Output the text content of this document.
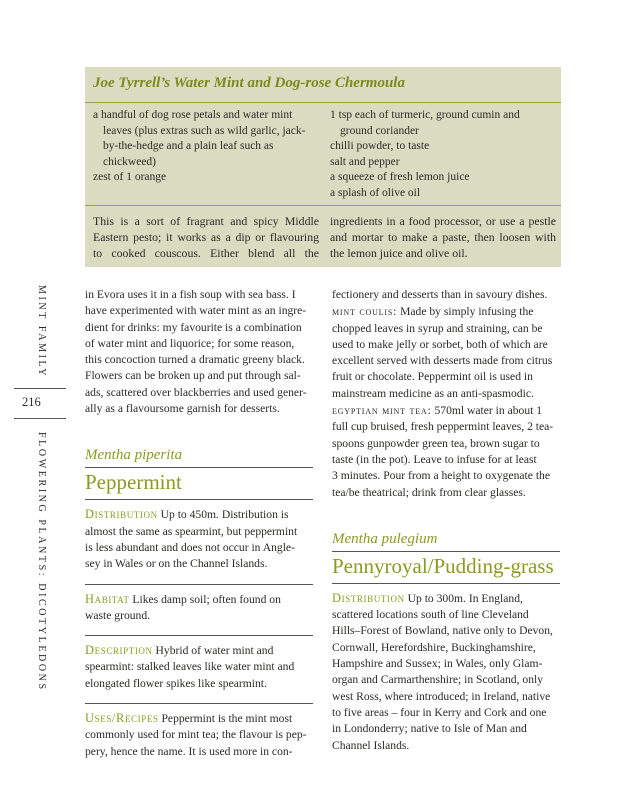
Joe Tyrrell’s Water Mint and Dog-rose Chermoula
a handful of dog rose petals and water mint
leaves (plus extras such as wild garlic, jack-
by-the-hedge and a plain leaf such as
chickweed)
zest of 1 orange
1 tsp each of turmeric, ground cumin and
ground coriander
chilli powder, to taste
salt and pepper
a squeeze of fresh lemon juice
a splash of olive oil
This is a sort of fragrant and spicy Middle
Eastern pesto; it works as a dip or flavouring
to cooked couscous. Either blend all the
ingredients in a food processor, or use a pestle
and mortar to make a paste, then loosen with
the lemon juice and olive oil.
MINT FAMILY
216
FLOWERING PLANTS: DICOTYLEDONS
in Evora uses it in a fish soup with sea bass. I
have experimented with water mint as an ingre-
dient for drinks: my favourite is a combination
of water mint and liquorice; for some reason,
this concoction turned a dramatic greeny black.
Flowers can be broken up and put through sal-
ads, scattered over blackberries and used gener-
ally as a flavoursome garnish for desserts.
Mentha piperita
Peppermint
Distribution Up to 450m. Distribution is
almost the same as spearmint, but peppermint
is less abundant and does not occur in Angle-
sey in Wales or on the Channel Islands.
Habitat Likes damp soil; often found on
waste ground.
Description Hybrid of water mint and
spearmint: stalked leaves like water mint and
elongated flower spikes like spearmint.
Uses/Recipes Peppermint is the mint most
commonly used for mint tea; the flavour is pep-
pery, hence the name. It is used more in con-
fectionery and desserts than in savoury dishes.
mint coulis: Made by simply infusing the
chopped leaves in syrup and straining, can be
used to make jelly or sorbet, both of which are
excellent served with desserts made from citrus
fruit or chocolate. Peppermint oil is used in
mainstream medicine as an anti-spasmodic.
egyptian mint tea: 570ml water in about 1
full cup bruised, fresh peppermint leaves, 2 tea-
spoons gunpowder green tea, brown sugar to
taste (in the pot). Leave to infuse for at least
3 minutes. Pour from a height to oxygenate the
tea/be theatrical; drink from clear glasses.
Mentha pulegium
Pennyroyal/Pudding-grass
Distribution Up to 300m. In England,
scattered locations south of line Cleveland
Hills–Forest of Bowland, native only to Devon,
Cornwall, Herefordshire, Buckinghamshire,
Hampshire and Sussex; in Wales, only Glam-
organ and Carmarthenshire; in Scotland, only
west Ross, where introduced; in Ireland, native
to five areas – four in Kerry and Cork and one
in Londonderry; native to Isle of Man and
Channel Islands.
